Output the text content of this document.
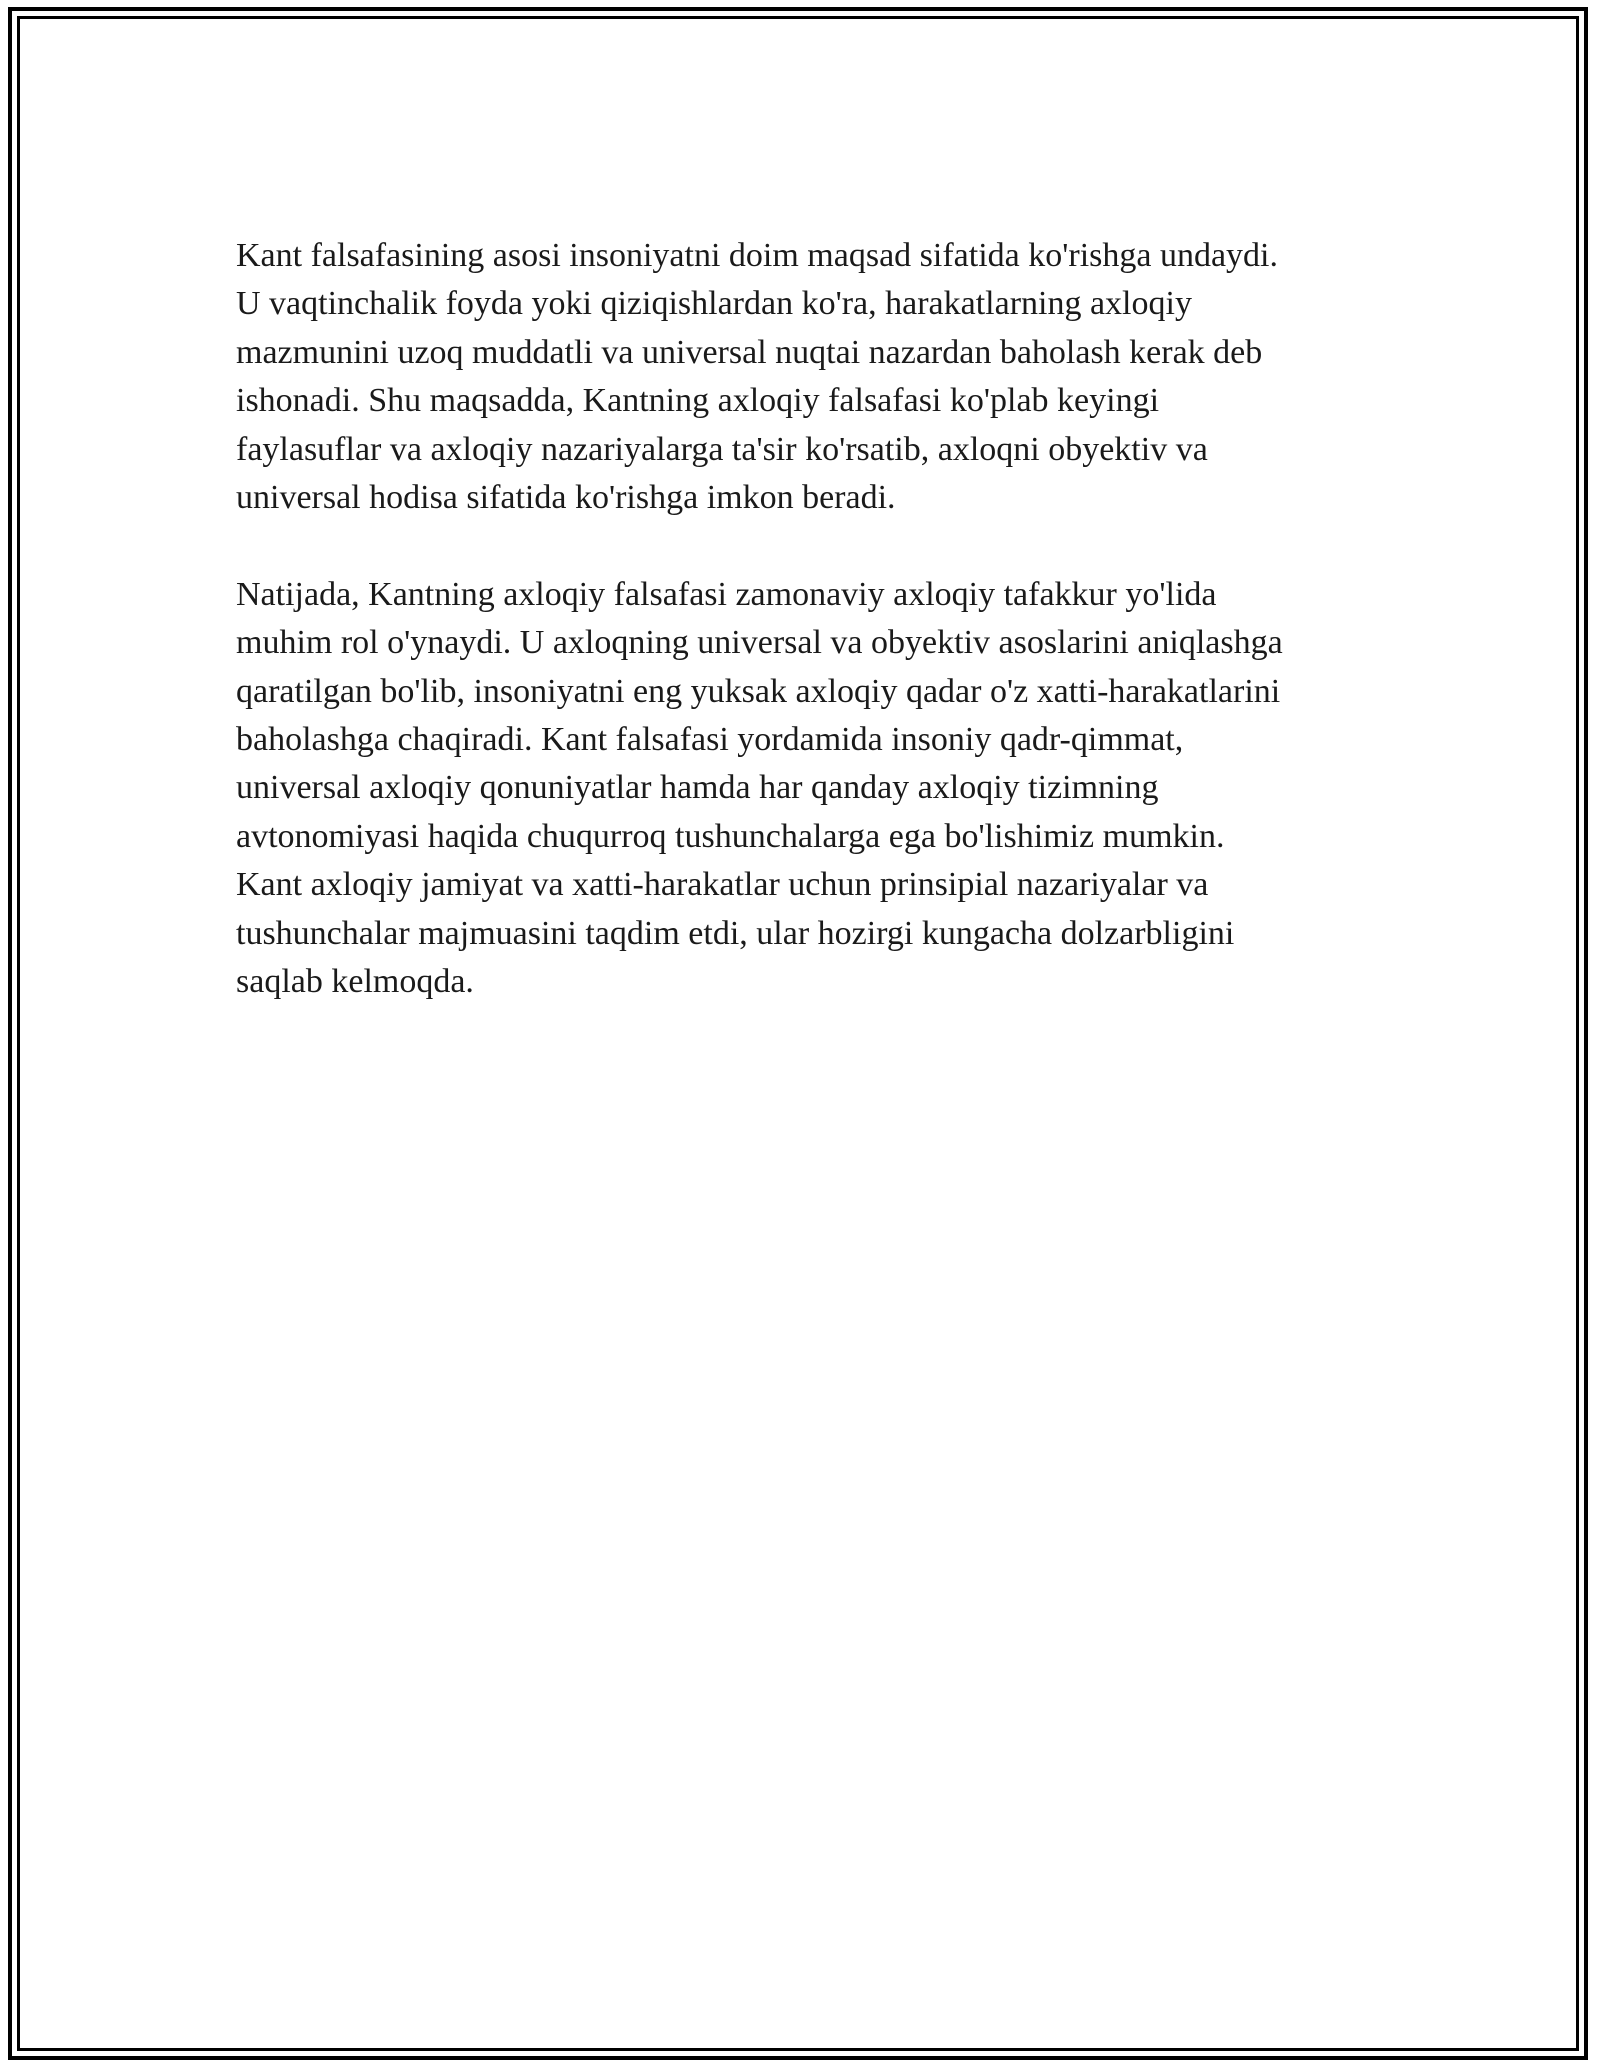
Kant falsafasining asosi insoniyatni doim maqsad sifatida ko'rishga undaydi.
U vaqtinchalik foyda yoki qiziqishlardan ko'ra, harakatlarning axloqiy
mazmunini uzoq muddatli va universal nuqtai nazardan baholash kerak deb
ishonadi. Shu maqsadda, Kantning axloqiy falsafasi ko'plab keyingi
faylasuflar va axloqiy nazariyalarga ta'sir ko'rsatib, axloqni obyektiv va
universal hodisa sifatida ko'rishga imkon beradi.

Natijada, Kantning axloqiy falsafasi zamonaviy axloqiy tafakkur yo'lida
muhim rol o'ynaydi. U axloqning universal va obyektiv asoslarini aniqlashga
qaratilgan bo'lib, insoniyatni eng yuksak axloqiy qadar o'z xatti-harakatlarini
baholashga chaqiradi. Kant falsafasi yordamida insoniy qadr-qimmat,
universal axloqiy qonuniyatlar hamda har qanday axloqiy tizimning
avtonomiyasi haqida chuqurroq tushunchalarga ega bo'lishimiz mumkin.
Kant axloqiy jamiyat va xatti-harakatlar uchun prinsipial nazariyalar va
tushunchalar majmuasini taqdim etdi, ular hozirgi kungacha dolzarbligini
saqlab kelmoqda.
